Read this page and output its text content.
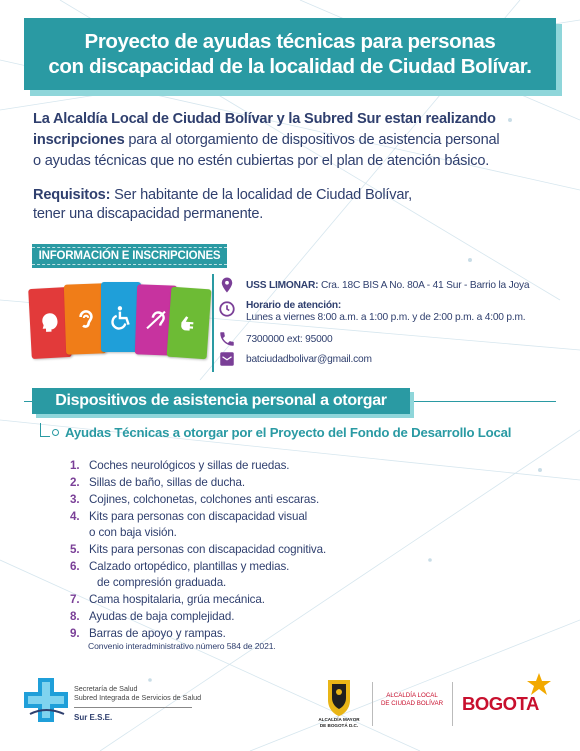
Proyecto de ayudas técnicas para personas
con discapacidad de la localidad de Ciudad Bolívar.
La Alcaldía Local de Ciudad Bolívar y la Subred Sur estan realizando
inscripciones para al otorgamiento de dispositivos de asistencia personal
o ayudas técnicas que no estén cubiertas por el plan de atención básico.
Requisitos: Ser habitante de la localidad de Ciudad Bolívar,
tener una discapacidad permanente.
INFORMACIÓN E INSCRIPCIONES
USS LIMONAR: Cra. 18C BIS A No. 80A - 41 Sur - Barrio la Joya
Horario de atención:
Lunes a viernes 8:00 a.m. a 1:00 p.m. y de 2:00 p.m. a 4:00 p.m.
7300000 ext: 95000
batciudadbolivar@gmail.com
Dispositivos de asistencia personal a otorgar
Ayudas Técnicas a otorgar por el Proyecto del Fondo de Desarrollo Local
1. Coches neurológicos y sillas de ruedas.
2. Sillas de baño, sillas de ducha.
3. Cojines, colchonetas, colchones anti escaras.
4. Kits para personas con discapacidad visual
o con baja visión.
5. Kits para personas con discapacidad cognitiva.
6. Calzado ortopédico, plantillas y medias.
de compresión graduada.
7. Cama hospitalaria, grúa mecánica.
8. Ayudas de baja complejidad.
9. Barras de apoyo y rampas.
Convenio interadministrativo número 584 de 2021.
Secretaría de Salud
Subred Integrada de Servicios de Salud
Sur E.S.E.	ALCALDÍA MAYOR
DE BOGOTÁ D.C.
ALCALDÍA LOCAL
DE CIUDAD BOLÍVAR BOGOTA
